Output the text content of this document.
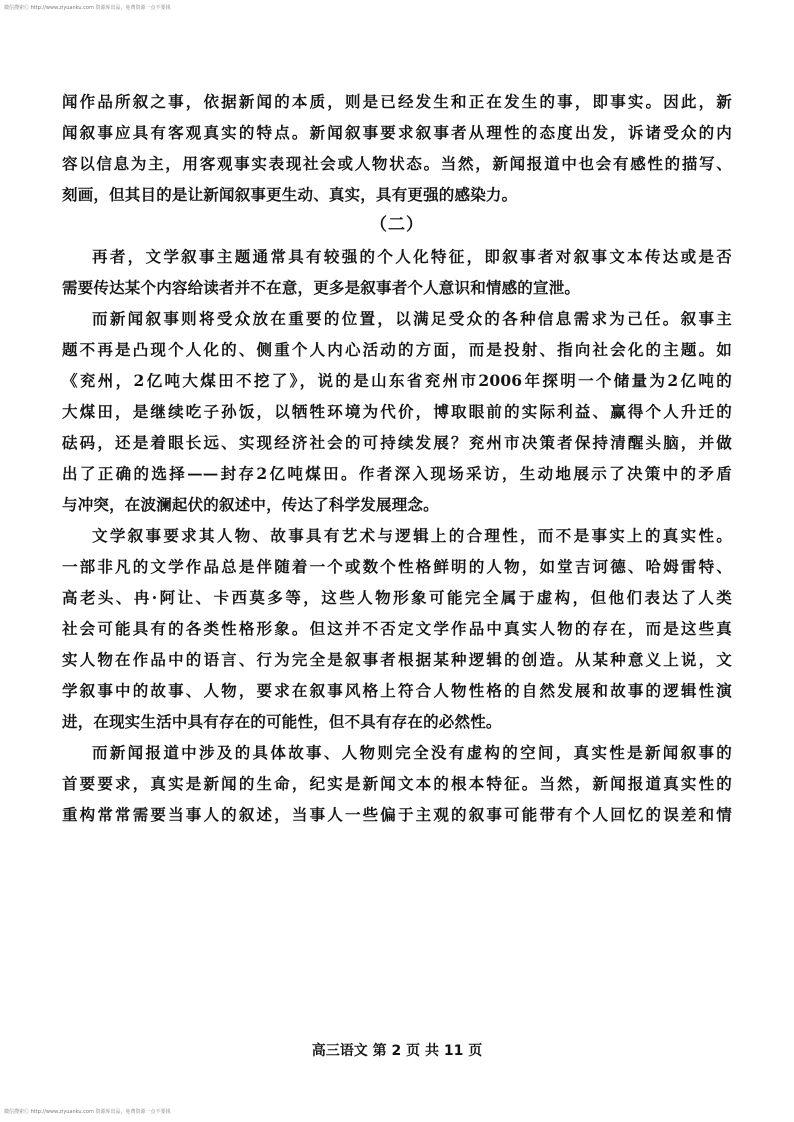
微信搜索Ⓒ http://www.ziyuanku.com 资源库出品，免费资源一点不要钱
闻作品所叙之事，依据新闻的本质，则是已经发生和正在发生的事，即事实。因此，新
闻叙事应具有客观真实的特点。新闻叙事要求叙事者从理性的态度出发，诉诸受众的内
容以信息为主，用客观事实表现社会或人物状态。当然，新闻报道中也会有感性的描写、
刻画，但其目的是让新闻叙事更生动、真实，具有更强的感染力。
（二）
再者，文学叙事主题通常具有较强的个人化特征，即叙事者对叙事文本传达或是否
需要传达某个内容给读者并不在意，更多是叙事者个人意识和情感的宣泄。
而新闻叙事则将受众放在重要的位置，以满足受众的各种信息需求为己任。叙事主
题不再是凸现个人化的、侧重个人内心活动的方面，而是投射、指向社会化的主题。如
《兖州，2亿吨大煤田不挖了》，说的是山东省兖州市2006年探明一个储量为2亿吨的
大煤田，是继续吃子孙饭，以牺牲环境为代价，博取眼前的实际利益、赢得个人升迁的
砝码，还是着眼长远、实现经济社会的可持续发展？兖州市决策者保持清醒头脑，并做
出了正确的选择——封存2亿吨煤田。作者深入现场采访，生动地展示了决策中的矛盾
与冲突，在波澜起伏的叙述中，传达了科学发展理念。
文学叙事要求其人物、故事具有艺术与逻辑上的合理性，而不是事实上的真实性。
一部非凡的文学作品总是伴随着一个或数个性格鲜明的人物，如堂吉诃德、哈姆雷特、
高老头、冉·阿让、卡西莫多等，这些人物形象可能完全属于虚构，但他们表达了人类
社会可能具有的各类性格形象。但这并不否定文学作品中真实人物的存在，而是这些真
实人物在作品中的语言、行为完全是叙事者根据某种逻辑的创造。从某种意义上说，文
学叙事中的故事、人物，要求在叙事风格上符合人物性格的自然发展和故事的逻辑性演
进，在现实生活中具有存在的可能性，但不具有存在的必然性。
而新闻报道中涉及的具体故事、人物则完全没有虚构的空间，真实性是新闻叙事的
首要要求，真实是新闻的生命，纪实是新闻文本的根本特征。当然，新闻报道真实性的
重构常常需要当事人的叙述，当事人一些偏于主观的叙事可能带有个人回忆的误差和情
高三语文 第 2 页 共 11 页
微信搜索Ⓒ http://www.ziyuanku.com 资源库出品，免费资源一点不要钱
